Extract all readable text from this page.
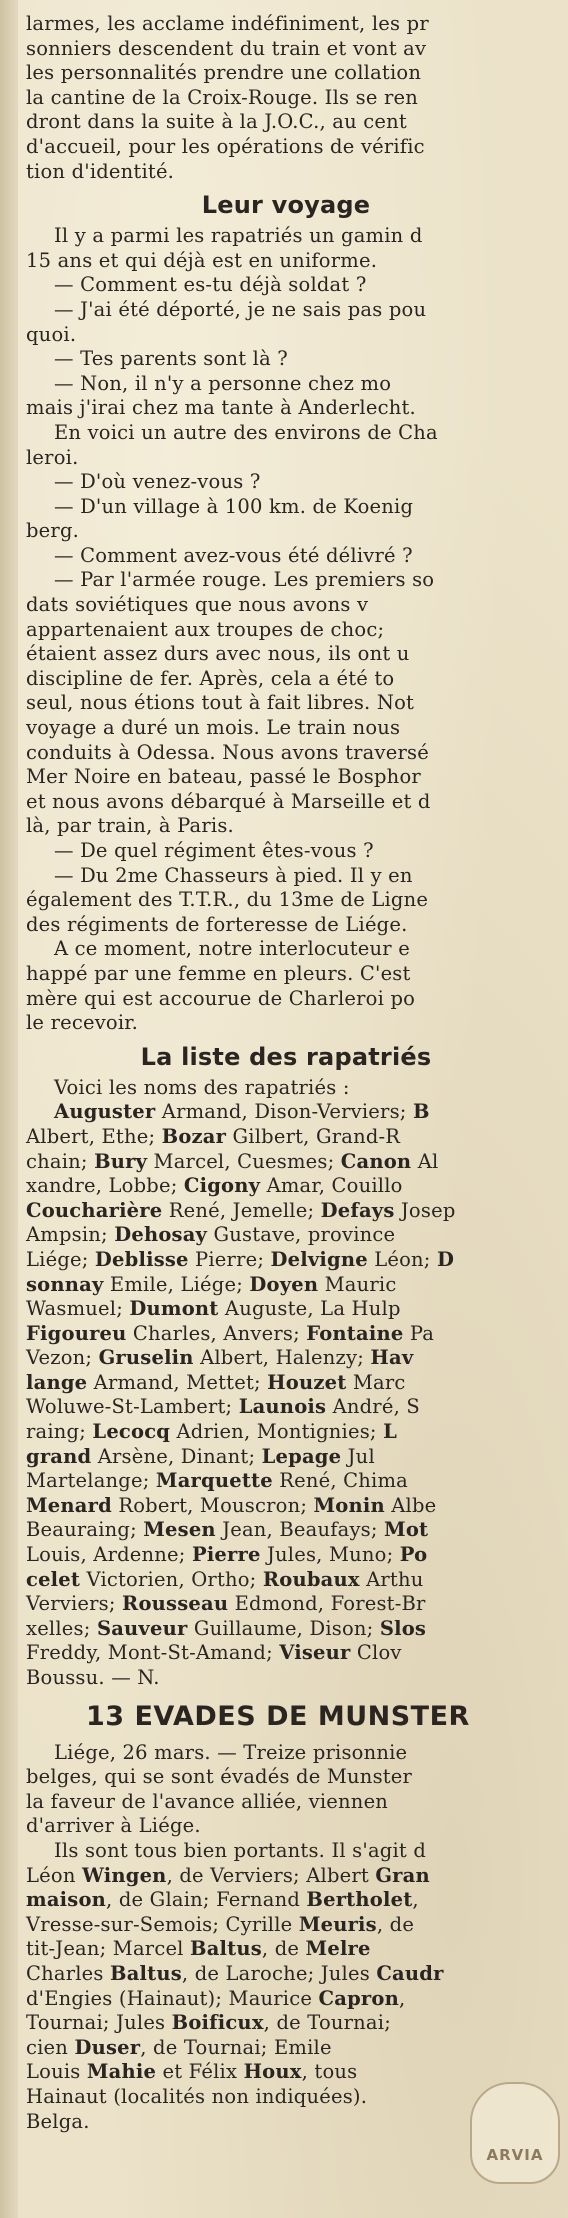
larmes, les acclame indéfiniment, les pr
sonniers descendent du train et vont av
les personnalités prendre une collation
la cantine de la Croix-Rouge. Ils se ren
dront dans la suite à la J.O.C., au cent
d'accueil, pour les opérations de vérific
tion d'identité.
Leur voyage
Il y a parmi les rapatriés un gamin d
15 ans et qui déjà est en uniforme.
— Comment es-tu déjà soldat ?
— J'ai été déporté, je ne sais pas pou
quoi.
— Tes parents sont là ?
— Non, il n'y a personne chez mo
mais j'irai chez ma tante à Anderlecht.
En voici un autre des environs de Cha
leroi.
— D'où venez-vous ?
— D'un village à 100 km. de Koenig
berg.
— Comment avez-vous été délivré ?
— Par l'armée rouge. Les premiers so
dats soviétiques que nous avons v
appartenaient aux troupes de choc;
étaient assez durs avec nous, ils ont u
discipline de fer. Après, cela a été to
seul, nous étions tout à fait libres. Not
voyage a duré un mois. Le train nous
conduits à Odessa. Nous avons traversé
Mer Noire en bateau, passé le Bosphor
et nous avons débarqué à Marseille et d
là, par train, à Paris.
— De quel régiment êtes-vous ?
— Du 2me Chasseurs à pied. Il y en
également des T.T.R., du 13me de Ligne
des régiments de forteresse de Liége.
A ce moment, notre interlocuteur e
happé par une femme en pleurs. C'est
mère qui est accourue de Charleroi po
le recevoir.
La liste des rapatriés
Voici les noms des rapatriés :
Auguster Armand, Dison-Verviers; B
Albert, Ethe; Bozar Gilbert, Grand-R
chain; Bury Marcel, Cuesmes; Canon Al
xandre, Lobbe; Cigony Amar, Couillo
Coucharière René, Jemelle; Defays Josep
Ampsin; Dehosay Gustave, province
Liége; Deblisse Pierre; Delvigne Léon; D
sonnay Emile, Liége; Doyen Mauric
Wasmuel; Dumont Auguste, La Hulp
Figoureu Charles, Anvers; Fontaine Pa
Vezon; Gruselin Albert, Halenzy; Hav
lange Armand, Mettet; Houzet Marc
Woluwe-St-Lambert; Launois André, S
raing; Lecocq Adrien, Montignies; L
grand Arsène, Dinant; Lepage Jul
Martelange; Marquette René, Chima
Menard Robert, Mouscron; Monin Albe
Beauraing; Mesen Jean, Beaufays; Mot
Louis, Ardenne; Pierre Jules, Muno; Po
celet Victorien, Ortho; Roubaux Arthu
Verviers; Rousseau Edmond, Forest-Br
xelles; Sauveur Guillaume, Dison; Slos
Freddy, Mont-St-Amand; Viseur Clov
Boussu. — N.
13 EVADES DE MUNSTER
Liége, 26 mars. — Treize prisonnie
belges, qui se sont évadés de Munster
la faveur de l'avance alliée, viennen
d'arriver à Liége.
Ils sont tous bien portants. Il s'agit d
Léon Wingen, de Verviers; Albert Gran
maison, de Glain; Fernand Bertholet,
Vresse-sur-Semois; Cyrille Meuris, de
tit-Jean; Marcel Baltus, de Melre
Charles Baltus, de Laroche; Jules Caudr
d'Engies (Hainaut); Maurice Capron,
Tournai; Jules Boificux, de Tournai;
cien Duser, de Tournai; Emile
Louis Mahie et Félix Houx, tous
Hainaut (localités non indiquées).
Belga.
ARVIA
